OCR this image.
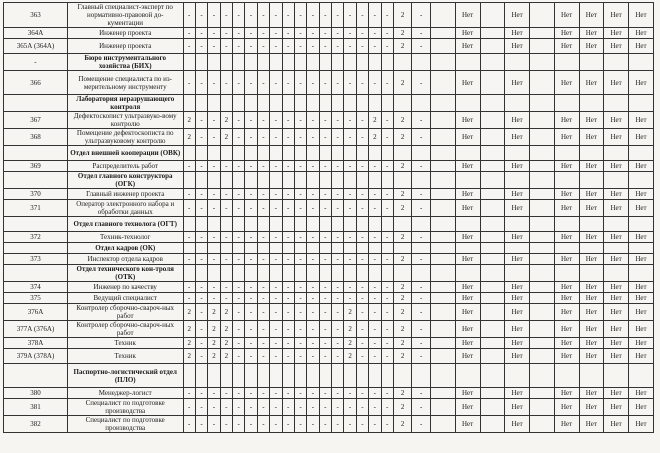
363	Главный специалист-эксперт по нормативно-правовой до-кументации	-	-	-	-	-	-	-	-	-	-	-	-	-	-	-	-	-	2	-		Нет		Нет		Нет	Нет	Нет	Нет
364А	Инженер проекта	-	-	-	-	-	-	-	-	-	-	-	-	-	-	-	-	-	2	-		Нет		Нет		Нет	Нет	Нет	Нет
365А (364А)	Инженер проекта	-	-	-	-	-	-	-	-	-	-	-	-	-	-	-	-	-	2	-		Нет		Нет		Нет	Нет	Нет	Нет
-	Бюро инструментального хозяйства (БИХ)																												
366	Помещение специалиста по из-мерительному инструменту	-	-	-	-	-	-	-	-	-	-	-	-	-	-	-	-	-	2	-		Нет		Нет		Нет	Нет	Нет	Нет
	Лаборатория неразрушающего контроля																												
367	Дефектоскопист ультразвуко-вому контролю	2	-	-	2	-	-	-	-	-	-	-	-	-	-	-	2	-	2	-		Нет		Нет		Нет	Нет	Нет	Нет
368	Помещение дефектоскописта по ультразвуковому контролю	2	-	-	2	-	-	-	-	-	-	-	-	-	-	-	2	-	2	-		Нет		Нет		Нет	Нет	Нет	Нет
	Отдел внешней кооперации (ОВК)																												
369	Распределитель работ	-	-	-	-	-	-	-	-	-	-	-	-	-	-	-	-	-	2	-		Нет		Нет		Нет	Нет	Нет	Нет
	Отдел главного конструктора (ОГК)																												
370	Главный инженер проекта	-	-	-	-	-	-	-	-	-	-	-	-	-	-	-	-	-	2	-		Нет		Нет		Нет	Нет	Нет	Нет
371	Оператор электронного набора и обработки данных	-	-	-	-	-	-	-	-	-	-	-	-	-	-	-	-	-	2	-		Нет		Нет		Нет	Нет	Нет	Нет
	Отдел главного технолога (ОГТ)																												
372	Техник-технолог	-	-	-	-	-	-	-	-	-	-	-	-	-	-	-	-	-	2	-		Нет		Нет		Нет	Нет	Нет	Нет
	Отдел кадров (ОК)																												
373	Инспектор отдела кадров	-	-	-	-	-	-	-	-	-	-	-	-	-	-	-	-	-	2	-		Нет		Нет		Нет	Нет	Нет	Нет
	Отдел технического кон-троля (ОТК)																												
374	Инженер по качеству	-	-	-	-	-	-	-	-	-	-	-	-	-	-	-	-	-	2	-		Нет		Нет		Нет	Нет	Нет	Нет
375	Ведущий специалист	-	-	-	-	-	-	-	-	-	-	-	-	-	-	-	-	-	2	-		Нет		Нет		Нет	Нет	Нет	Нет
376А	Контролер сборочно-свароч-ных работ	2	-	2	2	-	-	-	-	-	-	-	-	-	2	-	-	-	2	-		Нет		Нет		Нет	Нет	Нет	Нет
377А (376А)	Контролер сборочно-свароч-ных работ	2	-	2	2	-	-	-	-	-	-	-	-	-	2	-	-	-	2	-		Нет		Нет		Нет	Нет	Нет	Нет
378А	Техник	2	-	2	2	-	-	-	-	-	-	-	-	-	2	-	-	-	2	-		Нет		Нет		Нет	Нет	Нет	Нет
379А (378А)	Техник	2	-	2	2	-	-	-	-	-	-	-	-	-	2	-	-	-	2	-		Нет		Нет		Нет	Нет	Нет	Нет
	Паспортно-логистический отдел (ПЛО)																												
380	Менеджер-логист	-	-	-	-	-	-	-	-	-	-	-	-	-	-	-	-	-	2	-		Нет		Нет		Нет	Нет	Нет	Нет
381	Специалист по подготовке производства	-	-	-	-	-	-	-	-	-	-	-	-	-	-	-	-	-	2	-		Нет		Нет		Нет	Нет	Нет	Нет
382	Специалист по подготовке производства	-	-	-	-	-	-	-	-	-	-	-	-	-	-	-	-	-	2	-		Нет		Нет		Нет	Нет	Нет	Нет
